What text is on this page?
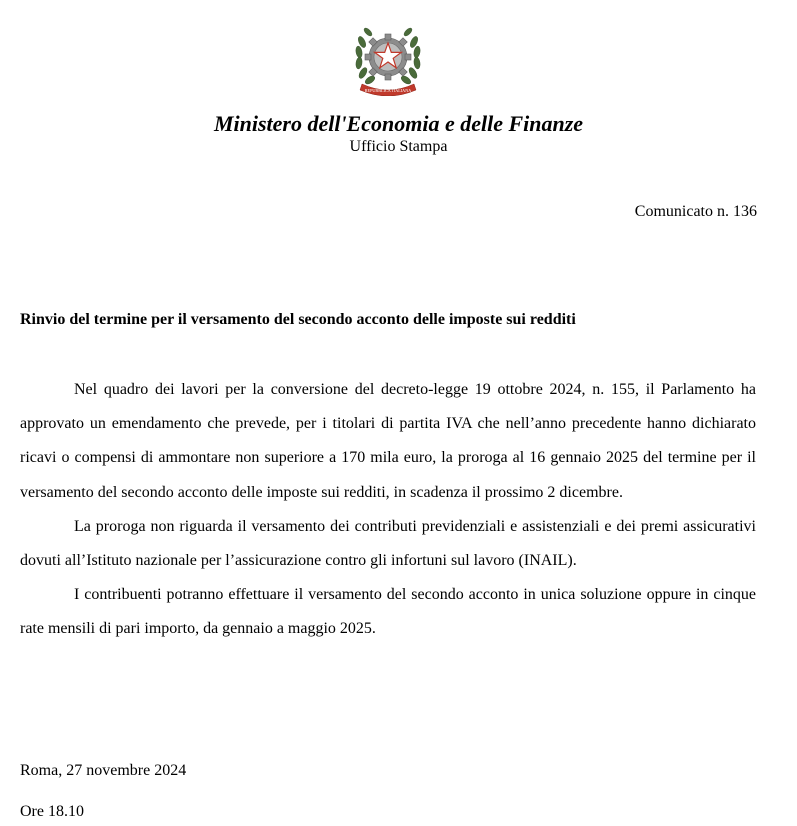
REPUBBLICA ITALIANA
Ministero dell'Economia e delle Finanze
Ufficio Stampa
Comunicato n. 136
Rinvio del termine per il versamento del secondo acconto delle imposte sui redditi

Nel quadro dei lavori per la conversione del decreto-legge 19 ottobre 2024, n. 155, il Parlamento ha approvato un emendamento che prevede, per i titolari di partita IVA che nell’anno precedente hanno dichiarato ricavi o compensi di ammontare non superiore a 170 mila euro, la proroga al 16 gennaio 2025 del termine per il versamento del secondo acconto delle imposte sui redditi, in scadenza il prossimo 2 dicembre.

La proroga non riguarda il versamento dei contributi previdenziali e assistenziali e dei premi assicurativi dovuti all’Istituto nazionale per l’assicurazione contro gli infortuni sul lavoro (INAIL).

I contribuenti potranno effettuare il versamento del secondo acconto in unica soluzione oppure in cinque rate mensili di pari importo, da gennaio a maggio 2025.

Roma, 27 novembre 2024
Ore 18.10
